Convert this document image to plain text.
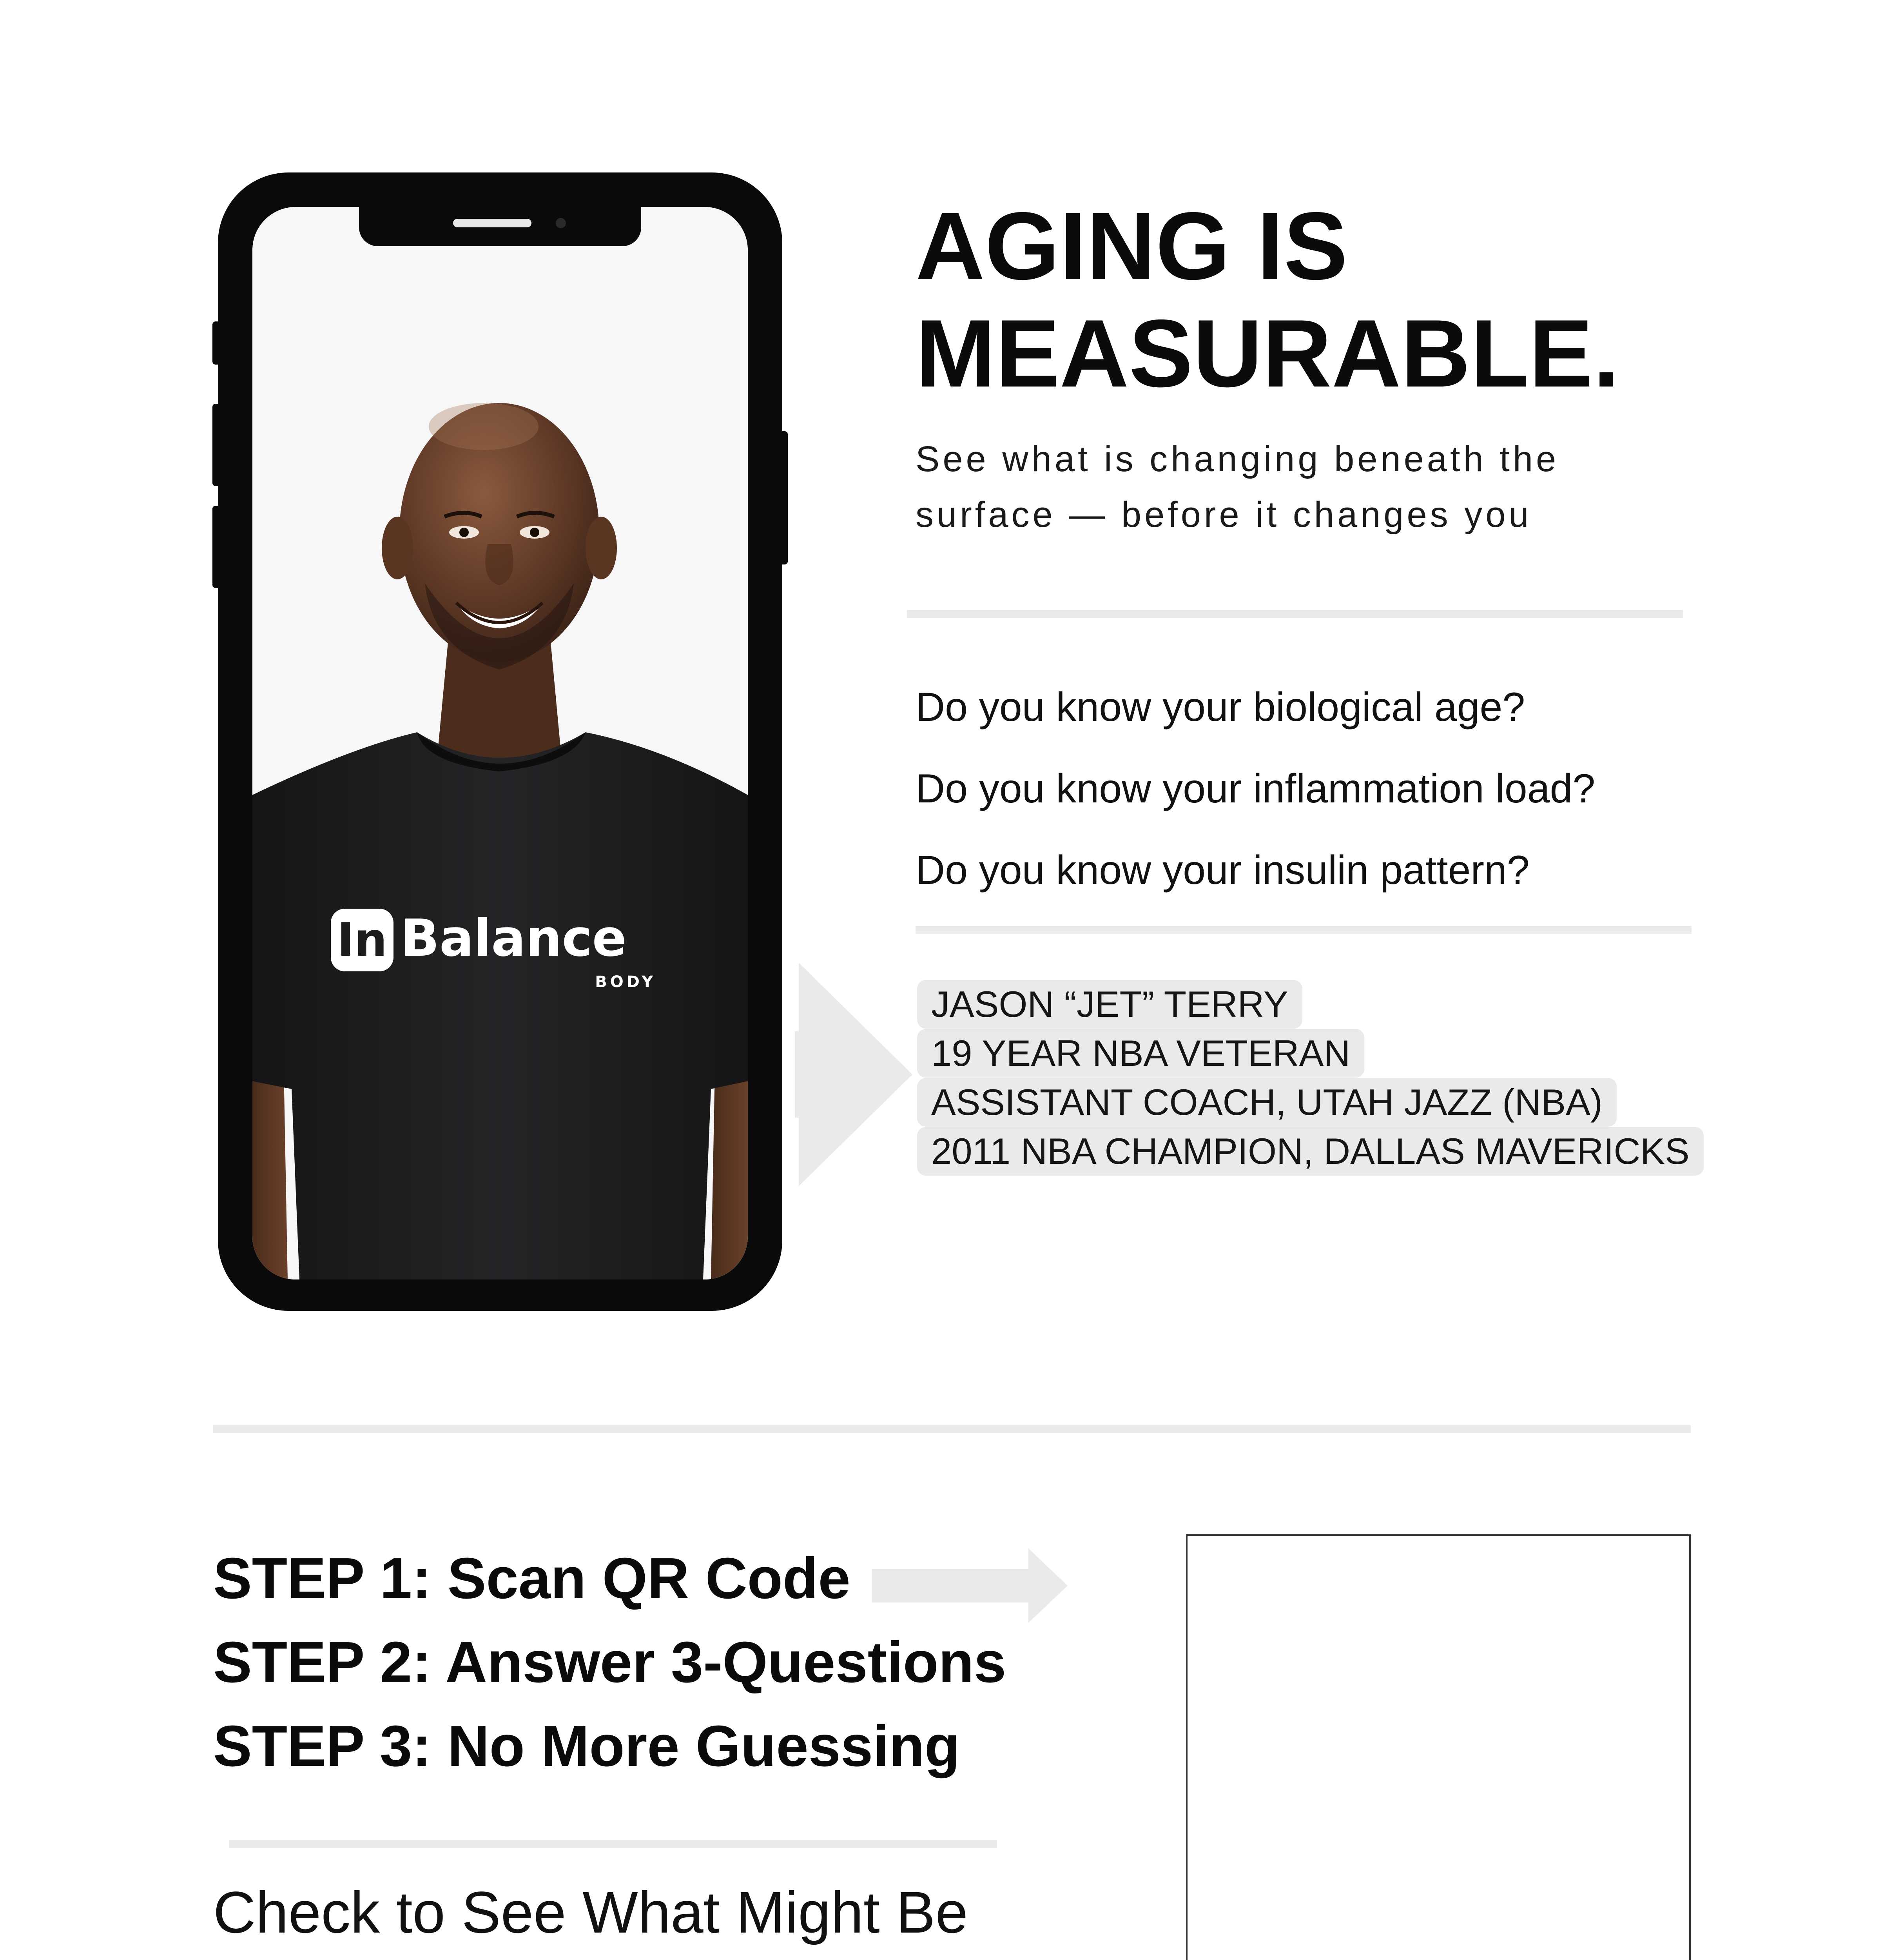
In Balance
BODY
AGING IS
MEASURABLE.

See what is changing beneath the
surface — before it changes you

Do you know your biological age?
Do you know your inflammation load?
Do you know your insulin pattern?
JASON “JET” TERRY
19 YEAR NBA VETERAN
ASSISTANT COACH, UTAH JAZZ (NBA)
2011 NBA CHAMPION, DALLAS MAVERICKS
STEP 1: Scan QR Code
STEP 2: Answer 3-Questions
STEP 3: No More Guessing

Check to See What Might Be
